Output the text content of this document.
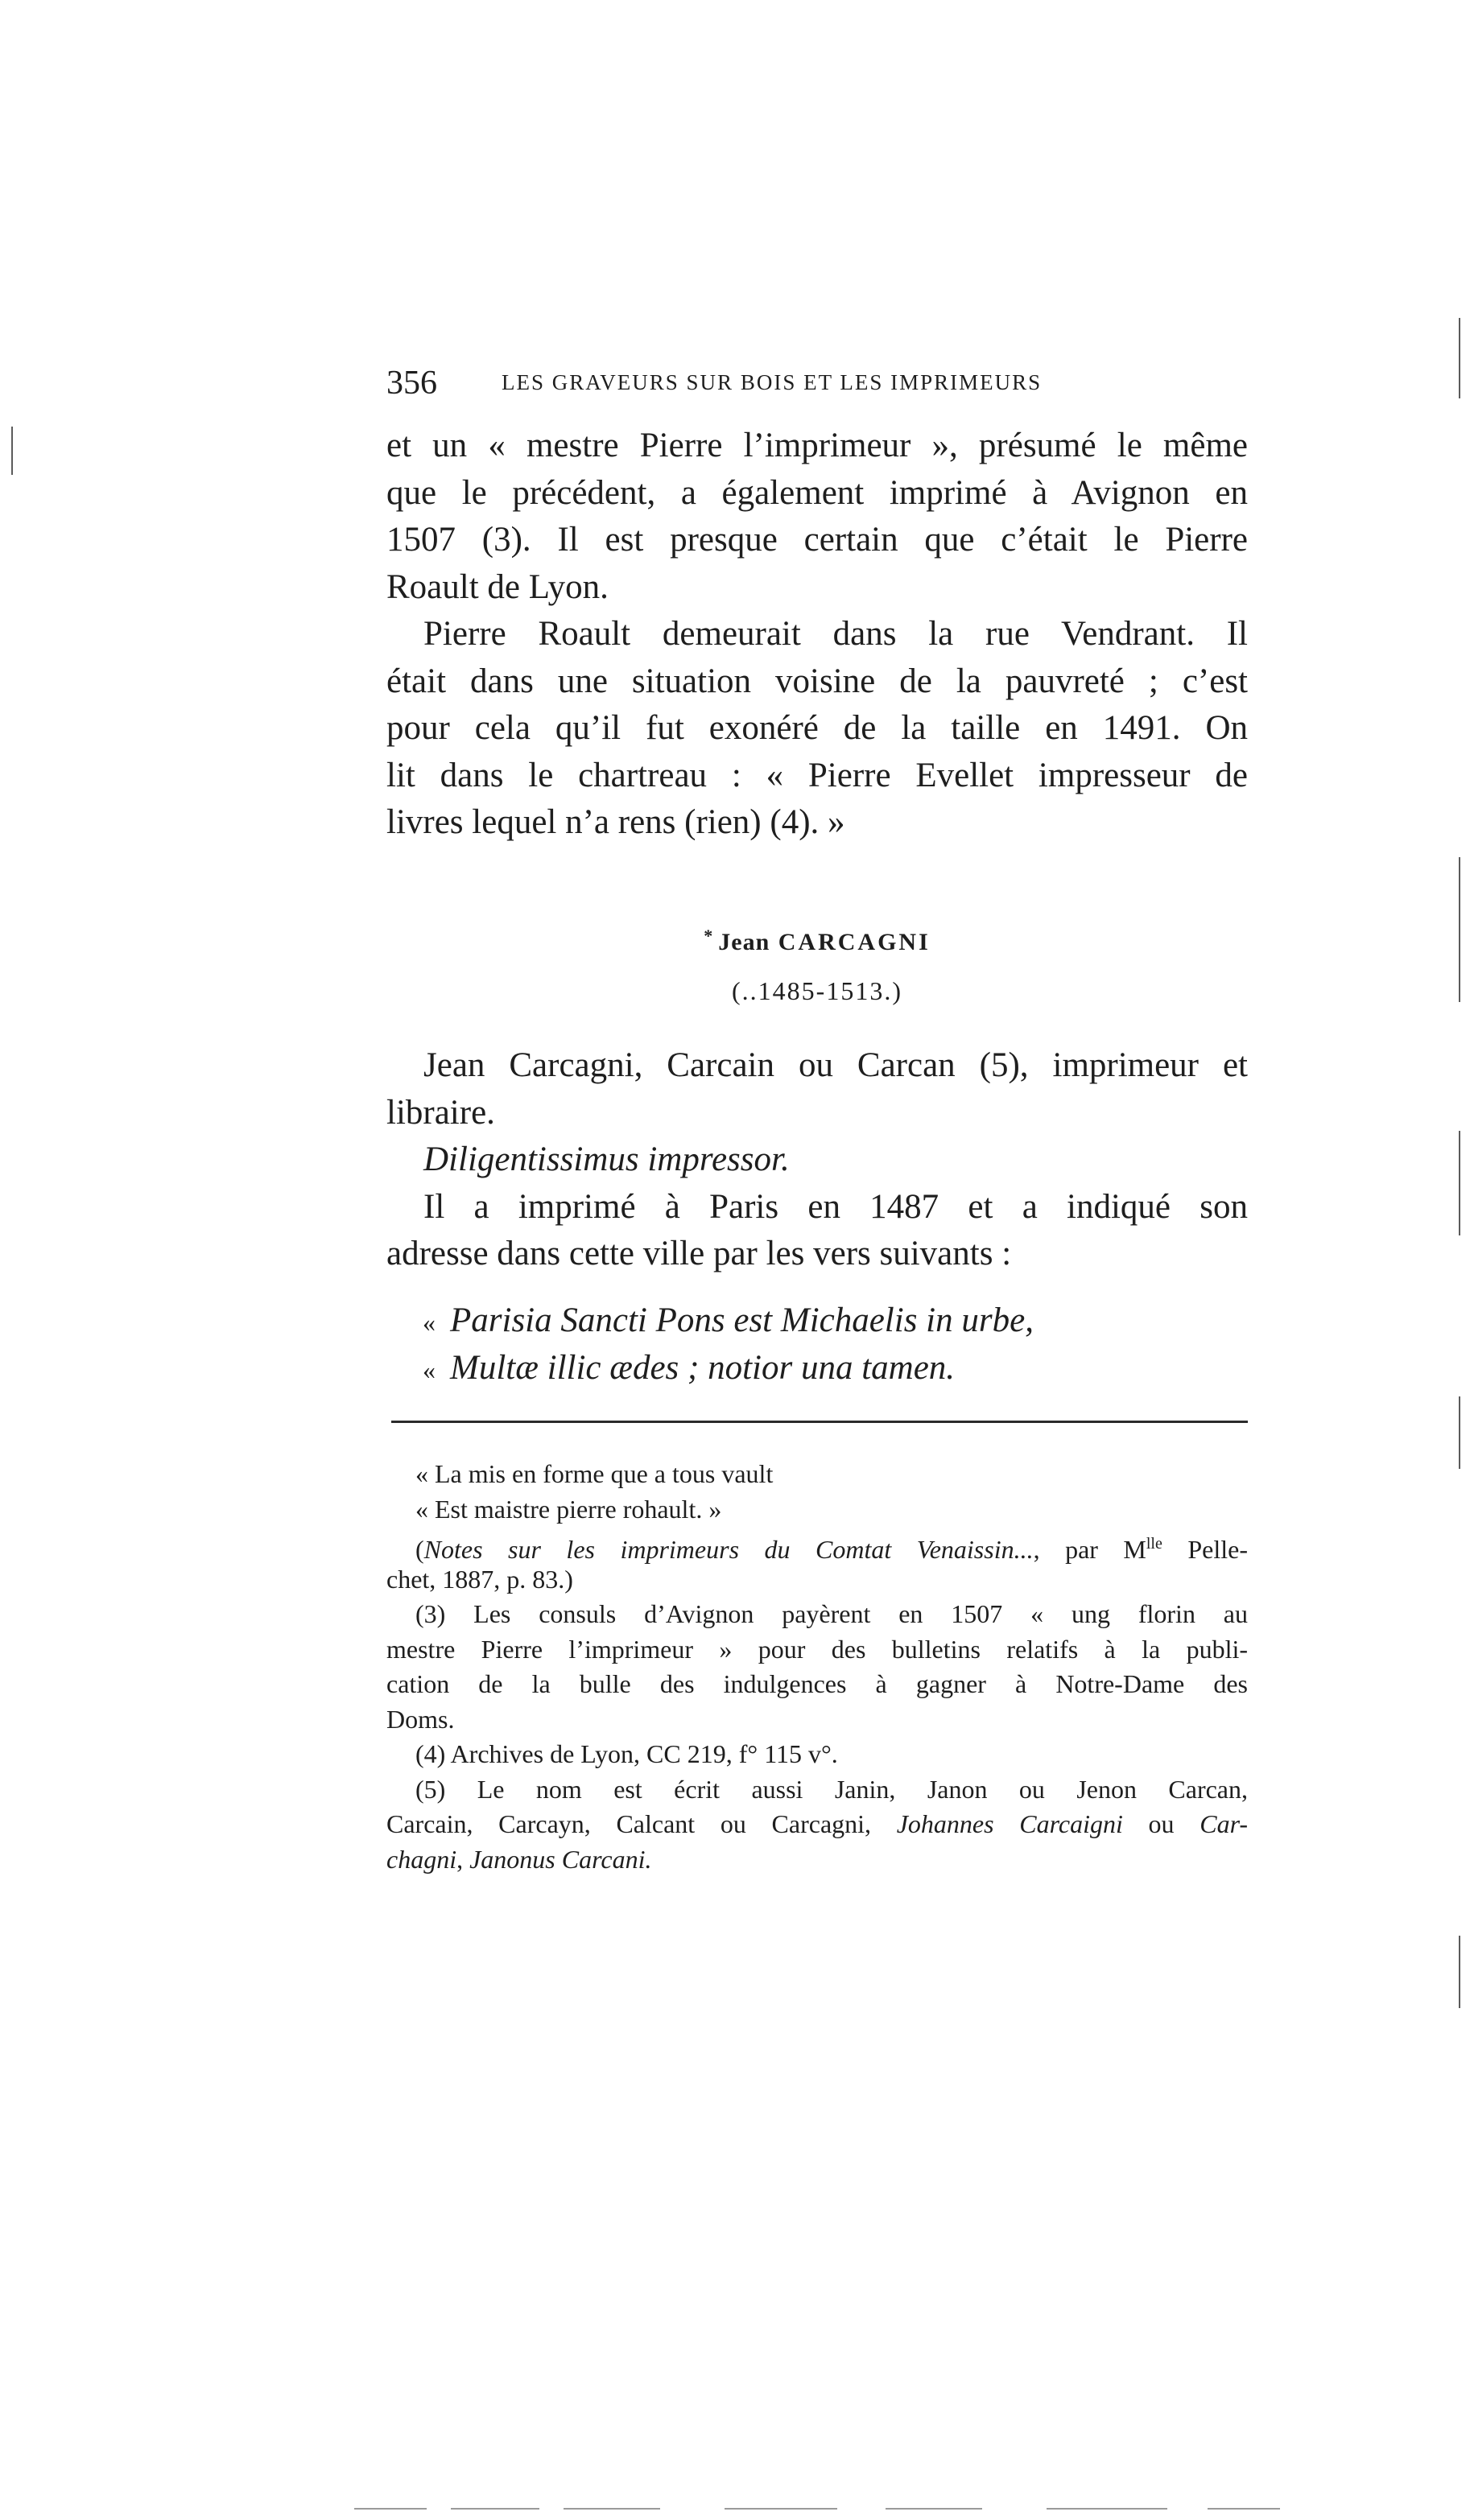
356	LES GRAVEURS SUR BOIS ET LES IMPRIMEURS
et un « mestre Pierre l’imprimeur », présumé le même
que le précédent, a également imprimé à Avignon en
1507 (3). Il est presque certain que c’était le Pierre
Roault de Lyon.
Pierre Roault demeurait dans la rue Vendrant. Il
était dans une situation voisine de la pauvreté ; c’est
pour cela qu’il fut exonéré de la taille en 1491. On
lit dans le chartreau : « Pierre Evellet impresseur de
livres lequel n’a rens (rien) (4). »
* Jean CARCAGNI
(..1485-1513.)
Jean Carcagni, Carcain ou Carcan (5), imprimeur et
libraire.
Diligentissimus impressor.
Il a imprimé à Paris en 1487 et a indiqué son
adresse dans cette ville par les vers suivants :
« Parisia Sancti Pons est Michaelis in urbe,
« Multæ illic ædes ; notior una tamen.
« La mis en forme que a tous vault
« Est maistre pierre rohault. »
(Notes sur les imprimeurs du Comtat Venaissin..., par $M^{lle}$ Pelle-
chet, 1887, p. 83.)
(3) Les consuls d’Avignon payèrent en 1507 « ung florin au
mestre Pierre l’imprimeur » pour des bulletins relatifs à la publi-
cation de la bulle des indulgences à gagner à Notre-Dame des
Doms.
(4) Archives de Lyon, CC 219, f° 115 v°.
(5) Le nom est écrit aussi Janin, Janon ou Jenon Carcan,
Carcain, Carcayn, Calcant ou Carcagni, Johannes Carcaigni ou Car-
chagni, Janonus Carcani.
